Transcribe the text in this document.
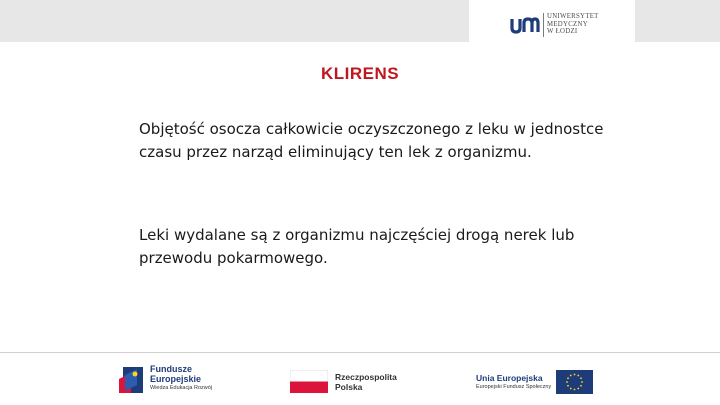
UNIWERSYTET
MEDYCZNY
W ŁODZI
KLIRENS
Objętość osocza całkowicie oczyszczonego z leku w jednostce czasu przez narząd eliminujący ten lek z organizmu.
Leki wydalane są z organizmu najczęściej drogą nerek lub przewodu pokarmowego.
Fundusze
Europejskie
Wiedza Edukacja Rozwój
Rzeczpospolita
Polska
Unia Europejska
Europejski Fundusz Społeczny
